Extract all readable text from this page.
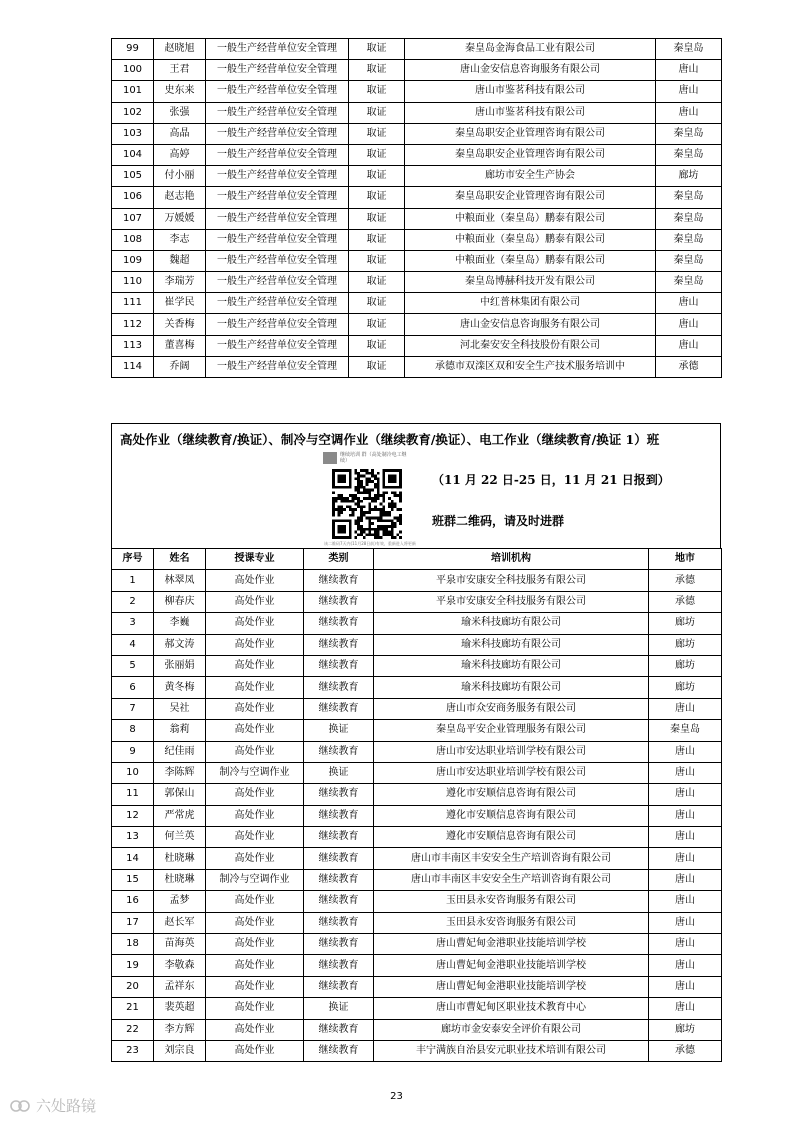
99	赵晓旭	一般生产经营单位安全管理	取证	秦皇岛金海食品工业有限公司	秦皇岛
100	王君	一般生产经营单位安全管理	取证	唐山金安信息咨询服务有限公司	唐山
101	史东来	一般生产经营单位安全管理	取证	唐山市鉴茗科技有限公司	唐山
102	张强	一般生产经营单位安全管理	取证	唐山市鉴茗科技有限公司	唐山
103	高晶	一般生产经营单位安全管理	取证	秦皇岛职安企业管理咨询有限公司	秦皇岛
104	高婷	一般生产经营单位安全管理	取证	秦皇岛职安企业管理咨询有限公司	秦皇岛
105	付小丽	一般生产经营单位安全管理	取证	廊坊市安全生产协会	廊坊
106	赵志艳	一般生产经营单位安全管理	取证	秦皇岛职安企业管理咨询有限公司	秦皇岛
107	万媛媛	一般生产经营单位安全管理	取证	中粮面业（秦皇岛）鹏泰有限公司	秦皇岛
108	李志	一般生产经营单位安全管理	取证	中粮面业（秦皇岛）鹏泰有限公司	秦皇岛
109	魏超	一般生产经营单位安全管理	取证	中粮面业（秦皇岛）鹏泰有限公司	秦皇岛
110	李瑞芳	一般生产经营单位安全管理	取证	秦皇岛博赫科技开发有限公司	秦皇岛
111	崔学民	一般生产经营单位安全管理	取证	中红普林集团有限公司	唐山
112	关香梅	一般生产经营单位安全管理	取证	唐山金安信息咨询服务有限公司	唐山
113	董喜梅	一般生产经营单位安全管理	取证	河北秦安安全科技股份有限公司	唐山
114	乔阔	一般生产经营单位安全管理	取证	承德市双滦区双和安全生产技术服务培训中	承德
高处作业（继续教育/换证）、制冷与空调作业（继续教育/换证）、电工作业（继续教育/换证 1）班
继续培训 群（高处制冷电工继续）
该二维码7天内(11月28日前)有效，重新进入将更新
（11 月 22 日-25 日，11 月 21 日报到）
班群二维码，请及时进群
序号	姓名	授课专业	类别	培训机构	地市
1	林翠凤	高处作业	继续教育	平泉市安康安全科技服务有限公司	承德
2	柳春庆	高处作业	继续教育	平泉市安康安全科技服务有限公司	承德
3	李巍	高处作业	继续教育	瑜米科技廊坊有限公司	廊坊
4	郝文涛	高处作业	继续教育	瑜米科技廊坊有限公司	廊坊
5	张丽娟	高处作业	继续教育	瑜米科技廊坊有限公司	廊坊
6	黄冬梅	高处作业	继续教育	瑜米科技廊坊有限公司	廊坊
7	吴社	高处作业	继续教育	唐山市众安商务服务有限公司	唐山
8	翁莉	高处作业	换证	秦皇岛平安企业管理服务有限公司	秦皇岛
9	纪佳雨	高处作业	继续教育	唐山市安达职业培训学校有限公司	唐山
10	李陈辉	制冷与空调作业	换证	唐山市安达职业培训学校有限公司	唐山
11	郭保山	高处作业	继续教育	遵化市安顺信息咨询有限公司	唐山
12	严常虎	高处作业	继续教育	遵化市安顺信息咨询有限公司	唐山
13	何兰英	高处作业	继续教育	遵化市安顺信息咨询有限公司	唐山
14	杜晓琳	高处作业	继续教育	唐山市丰南区丰安安全生产培训咨询有限公司	唐山
15	杜晓琳	制冷与空调作业	继续教育	唐山市丰南区丰安安全生产培训咨询有限公司	唐山
16	孟梦	高处作业	继续教育	玉田县永安咨询服务有限公司	唐山
17	赵长军	高处作业	继续教育	玉田县永安咨询服务有限公司	唐山
18	苗海英	高处作业	继续教育	唐山曹妃甸金港职业技能培训学校	唐山
19	李敬森	高处作业	继续教育	唐山曹妃甸金港职业技能培训学校	唐山
20	孟祥东	高处作业	继续教育	唐山曹妃甸金港职业技能培训学校	唐山
21	裴英超	高处作业	换证	唐山市曹妃甸区职业技术教育中心	唐山
22	李方辉	高处作业	继续教育	廊坊市金安泰安全评价有限公司	廊坊
23	刘宗良	高处作业	继续教育	丰宁满族自治县安元职业技术培训有限公司	承德
23
六处路镜
